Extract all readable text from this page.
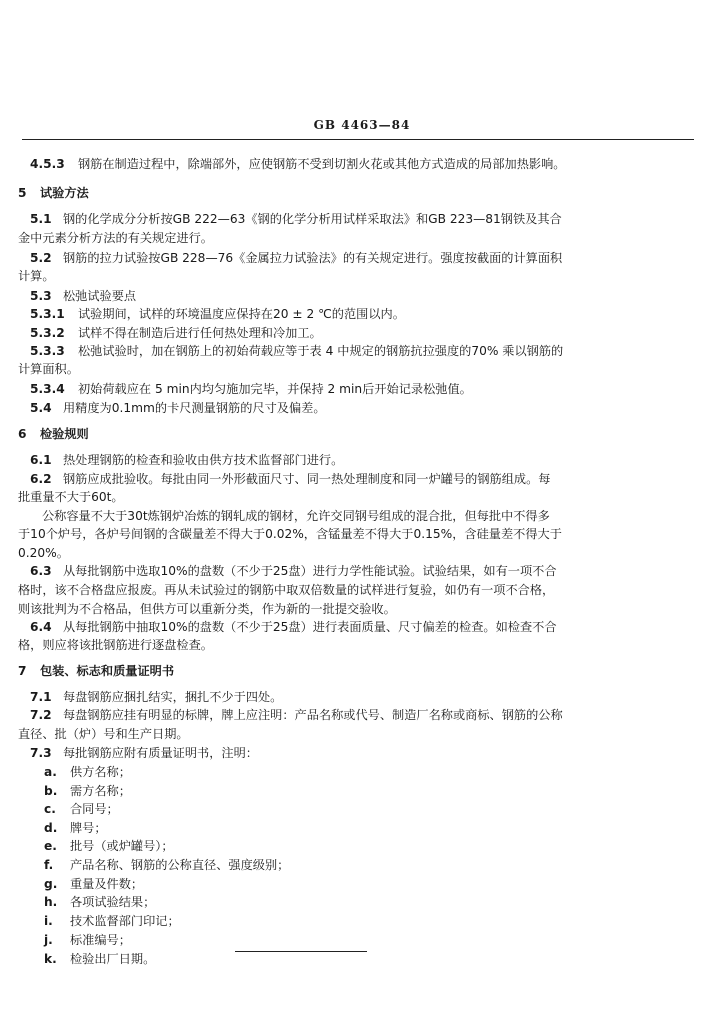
GB 4463—84
4.5.3 钢筋在制造过程中，除端部外，应使钢筋不受到切割火花或其他方式造成的局部加热影响。
5 试验方法
5.1 钢的化学成分分析按GB 222—63《钢的化学分析用试样采取法》和GB 223—81钢铁及其合
金中元素分析方法的有关规定进行。
5.2 钢筋的拉力试验按GB 228—76《金属拉力试验法》的有关规定进行。强度按截面的计算面积
计算。
5.3 松弛试验要点
5.3.1 试验期间，试样的环境温度应保持在20 ± 2 ℃的范围以内。
5.3.2 试样不得在制造后进行任何热处理和冷加工。
5.3.3 松弛试验时，加在钢筋上的初始荷载应等于表 4 中规定的钢筋抗拉强度的70% 乘以钢筋的
计算面积。
5.3.4 初始荷载应在 5 min内均匀施加完毕，并保持 2 min后开始记录松弛值。
5.4 用精度为0.1mm的卡尺测量钢筋的尺寸及偏差。
6 检验规则
6.1 热处理钢筋的检查和验收由供方技术监督部门进行。
6.2 钢筋应成批验收。每批由同一外形截面尺寸、同一热处理制度和同一炉罐号的钢筋组成。每
批重量不大于60t。
公称容量不大于30t炼钢炉冶炼的钢轧成的钢材，允许交同钢号组成的混合批，但每批中不得多
于10个炉号，各炉号间钢的含碳量差不得大于0.02%，含锰量差不得大于0.15%，含硅量差不得大于
0.20%。
6.3 从每批钢筋中选取10%的盘数（不少于25盘）进行力学性能试验。试验结果，如有一项不合
格时，该不合格盘应报废。再从未试验过的钢筋中取双倍数量的试样进行复验，如仍有一项不合格，
则该批判为不合格品，但供方可以重新分类，作为新的一批提交验收。
6.4 从每批钢筋中抽取10%的盘数（不少于25盘）进行表面质量、尺寸偏差的检查。如检查不合
格，则应将该批钢筋进行逐盘检查。
7 包装、标志和质量证明书
7.1 每盘钢筋应捆扎结实，捆扎不少于四处。
7.2 每盘钢筋应挂有明显的标牌，牌上应注明：产品名称或代号、制造厂名称或商标、钢筋的公称
直径、批（炉）号和生产日期。
7.3 每批钢筋应附有质量证明书，注明：
a. 供方名称；
b. 需方名称；
c. 合同号；
d. 牌号；
e. 批号（或炉罐号）；
f. 产品名称、钢筋的公称直径、强度级别；
g. 重量及件数；
h. 各项试验结果；
i. 技术监督部门印记；
j. 标准编号；
k. 检验出厂日期。
